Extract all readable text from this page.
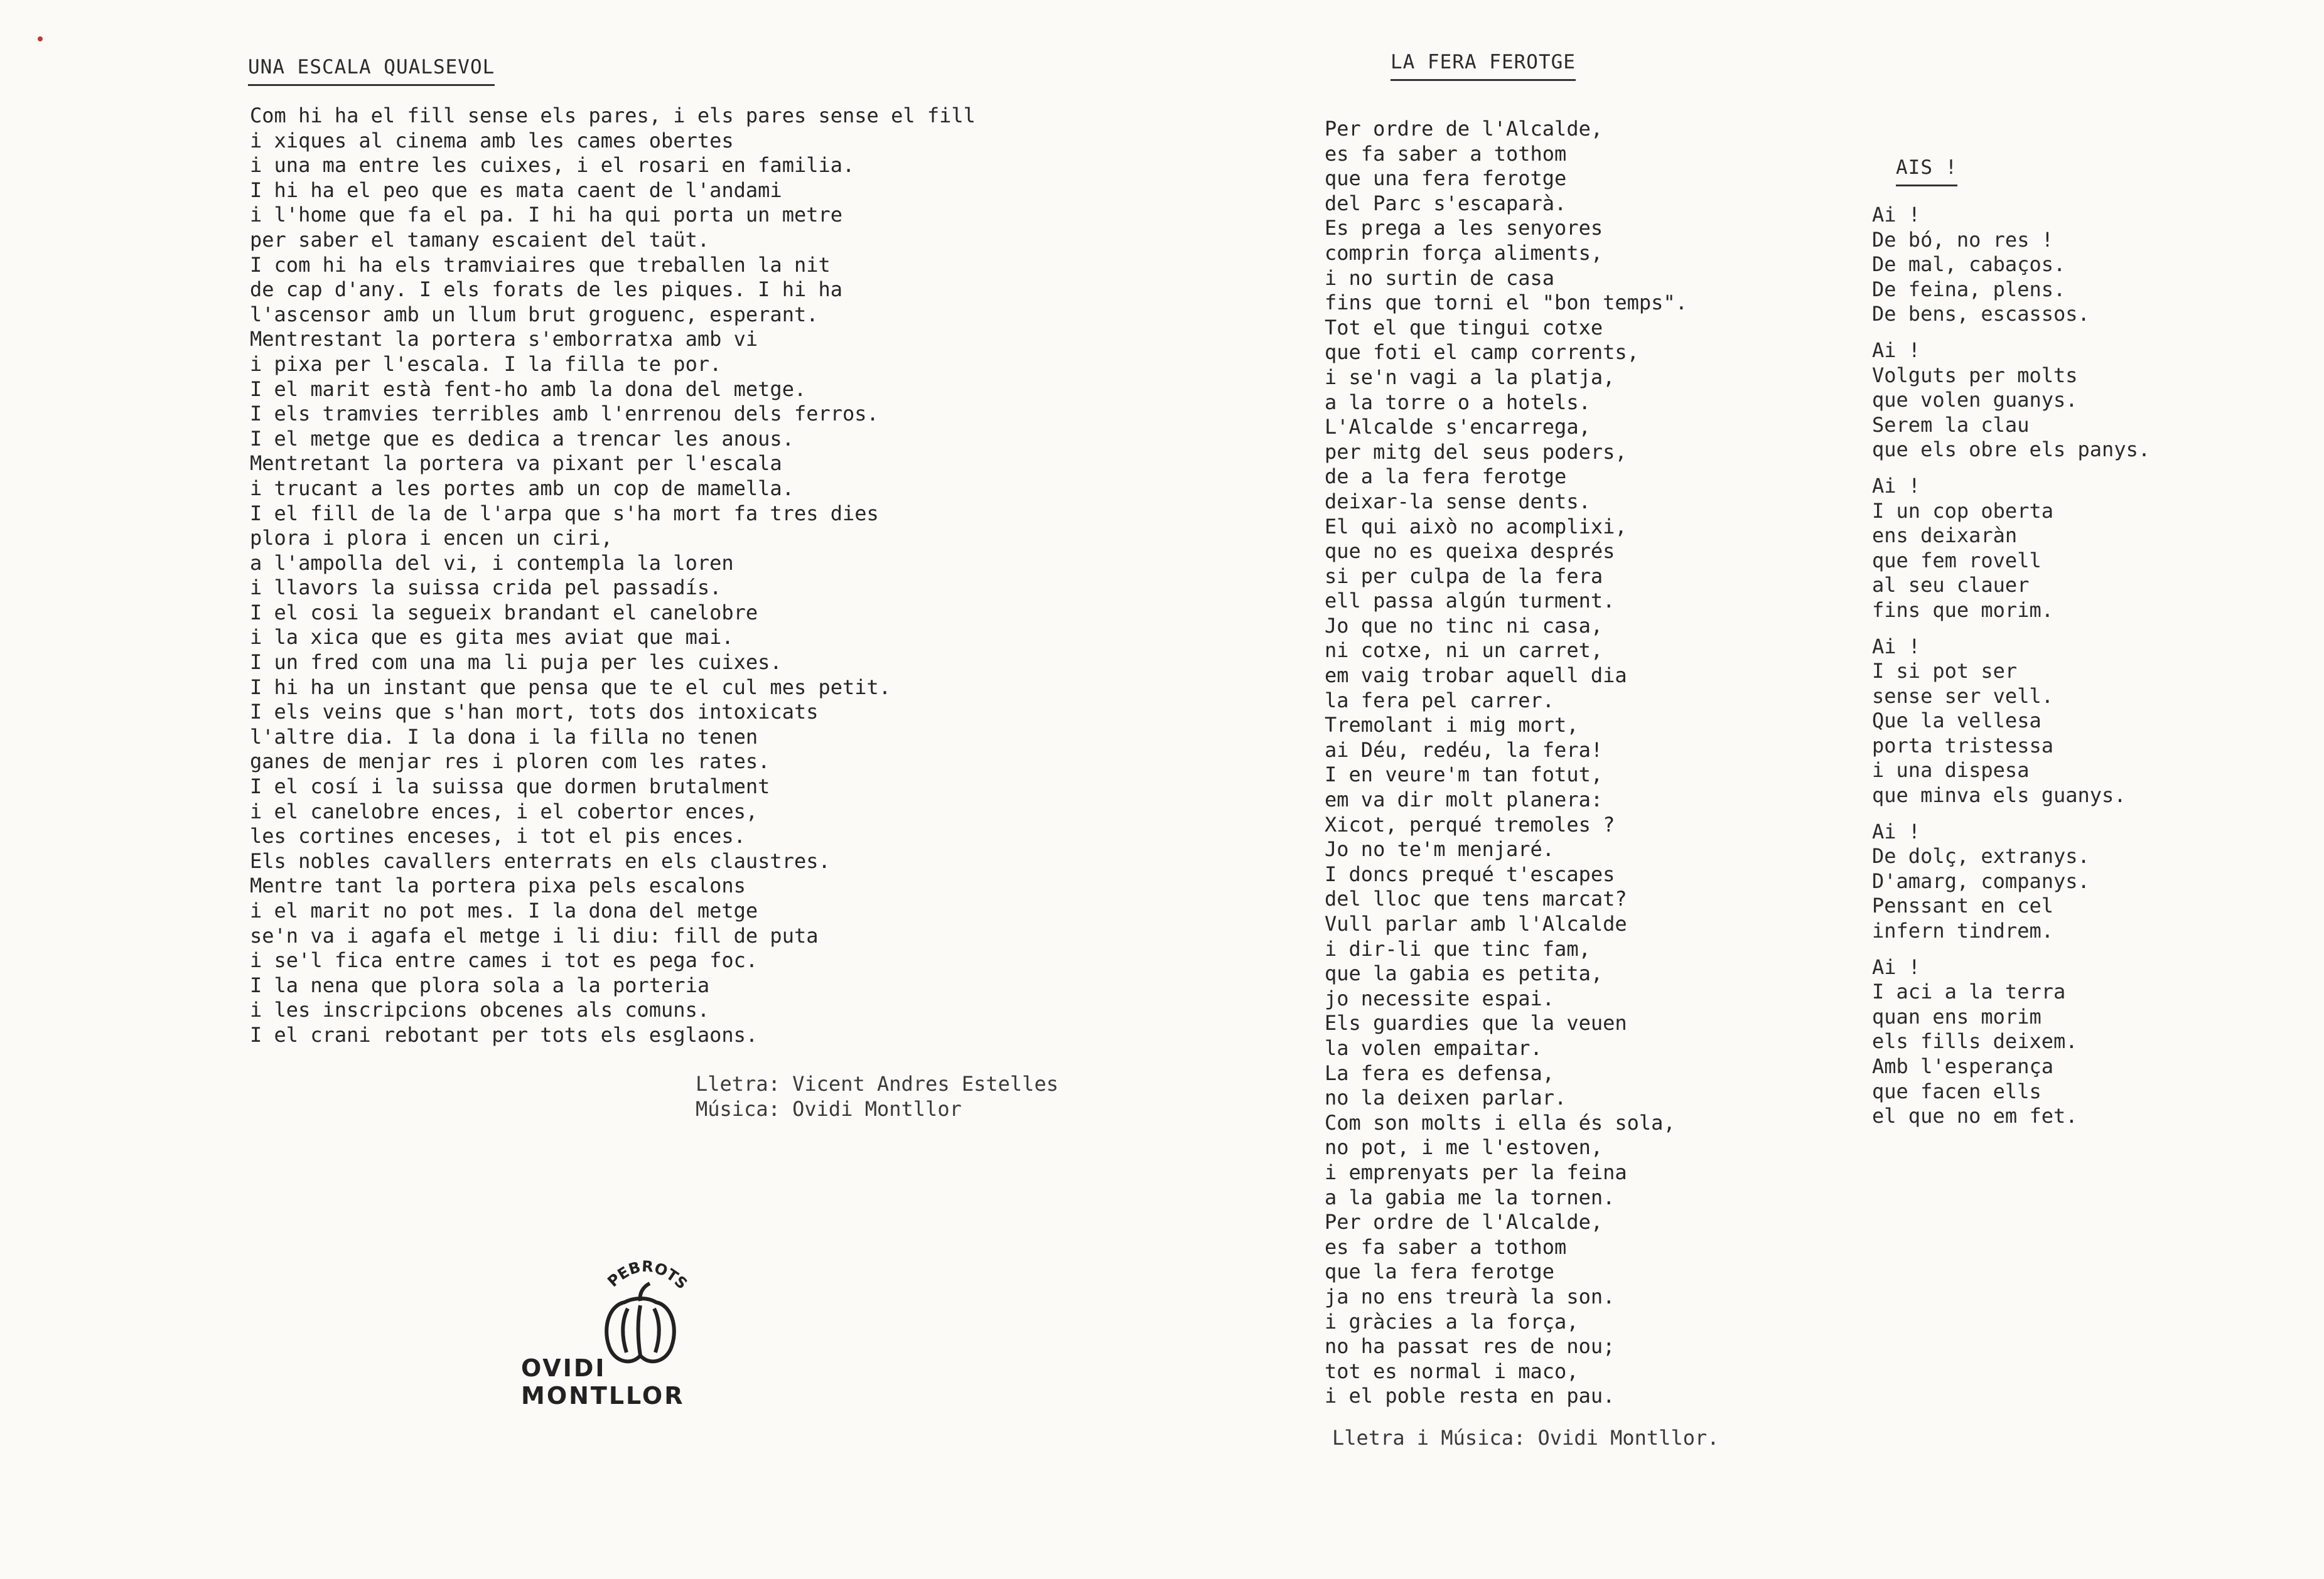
UNA ESCALA QUALSEVOL
Com hi ha el fill sense els pares, i els pares sense el fill
i xiques al cinema amb les cames obertes
i una ma entre les cuixes, i el rosari en familia.
I hi ha el peo que es mata caent de l'andami
i l'home que fa el pa. I hi ha qui porta un metre
per saber el tamany escaient del taüt.
I com hi ha els tramviaires que treballen la nit
de cap d'any. I els forats de les piques. I hi ha
l'ascensor amb un llum brut groguenc, esperant.
Mentrestant la portera s'emborratxa amb vi
i pixa per l'escala. I la filla te por.
I el marit està fent-ho amb la dona del metge.
I els tramvies terribles amb l'enrrenou dels ferros.
I el metge que es dedica a trencar les anous.
Mentretant la portera va pixant per l'escala
i trucant a les portes amb un cop de mamella.
I el fill de la de l'arpa que s'ha mort fa tres dies
plora i plora i encen un ciri,
a l'ampolla del vi, i contempla la loren
i llavors la suissa crida pel passadís.
I el cosi la segueix brandant el canelobre
i la xica que es gita mes aviat que mai.
I un fred com una ma li puja per les cuixes.
I hi ha un instant que pensa que te el cul mes petit.
I els veins que s'han mort, tots dos intoxicats
l'altre dia. I la dona i la filla no tenen
ganes de menjar res i ploren com les rates.
I el cosí i la suissa que dormen brutalment
i el canelobre ences, i el cobertor ences,
les cortines enceses, i tot el pis ences.
Els nobles cavallers enterrats en els claustres.
Mentre tant la portera pixa pels escalons
i el marit no pot mes. I la dona del metge
se'n va i agafa el metge i li diu: fill de puta
i se'l fica entre cames i tot es pega foc.
I la nena que plora sola a la porteria
i les inscripcions obcenes als comuns.
I el crani rebotant per tots els esglaons.
Lletra: Vicent Andres Estelles
Música: Ovidi Montllor
PEBROTS
OVIDI MONTLLOR
LA FERA FEROTGE
Per ordre de l'Alcalde,
es fa saber a tothom
que una fera ferotge
del Parc s'escaparà.
Es prega a les senyores
comprin força aliments,
i no surtin de casa
fins que torni el "bon temps".
Tot el que tingui cotxe
que foti el camp corrents,
i se'n vagi a la platja,
a la torre o a hotels.
L'Alcalde s'encarrega,
per mitg del seus poders,
de a la fera ferotge
deixar-la sense dents.
El qui això no acomplixi,
que no es queixa després
si per culpa de la fera
ell passa algún turment.
Jo que no tinc ni casa,
ni cotxe, ni un carret,
em vaig trobar aquell dia
la fera pel carrer.
Tremolant i mig mort,
ai Déu, redéu, la fera!
I en veure'm tan fotut,
em va dir molt planera:
Xicot, perqué tremoles ?
Jo no te'm menjaré.
I doncs prequé t'escapes
del lloc que tens marcat?
Vull parlar amb l'Alcalde
i dir-li que tinc fam,
que la gabia es petita,
jo necessite espai.
Els guardies que la veuen
la volen empaitar.
La fera es defensa,
no la deixen parlar.
Com son molts i ella és sola,
no pot, i me l'estoven,
i emprenyats per la feina
a la gabia me la tornen.
Per ordre de l'Alcalde,
es fa saber a tothom
que la fera ferotge
ja no ens treurà la son.
i gràcies a la força,
no ha passat res de nou;
tot es normal i maco,
i el poble resta en pau.
Lletra i Música: Ovidi Montllor.
AIS !
Ai !
De bó, no res !
De mal, cabaços.
De feina, plens.
De bens, escassos.
Ai !
Volguts per molts
que volen guanys.
Serem la clau
que els obre els panys.
Ai !
I un cop oberta
ens deixaràn
que fem rovell
al seu clauer
fins que morim.
Ai !
I si pot ser
sense ser vell.
Que la vellesa
porta tristessa
i una dispesa
que minva els guanys.
Ai !
De dolç, extranys.
D'amarg, companys.
Penssant en cel
infern tindrem.
Ai !
I aci a la terra
quan ens morim
els fills deixem.
Amb l'esperança
que facen ells
el que no em fet.
